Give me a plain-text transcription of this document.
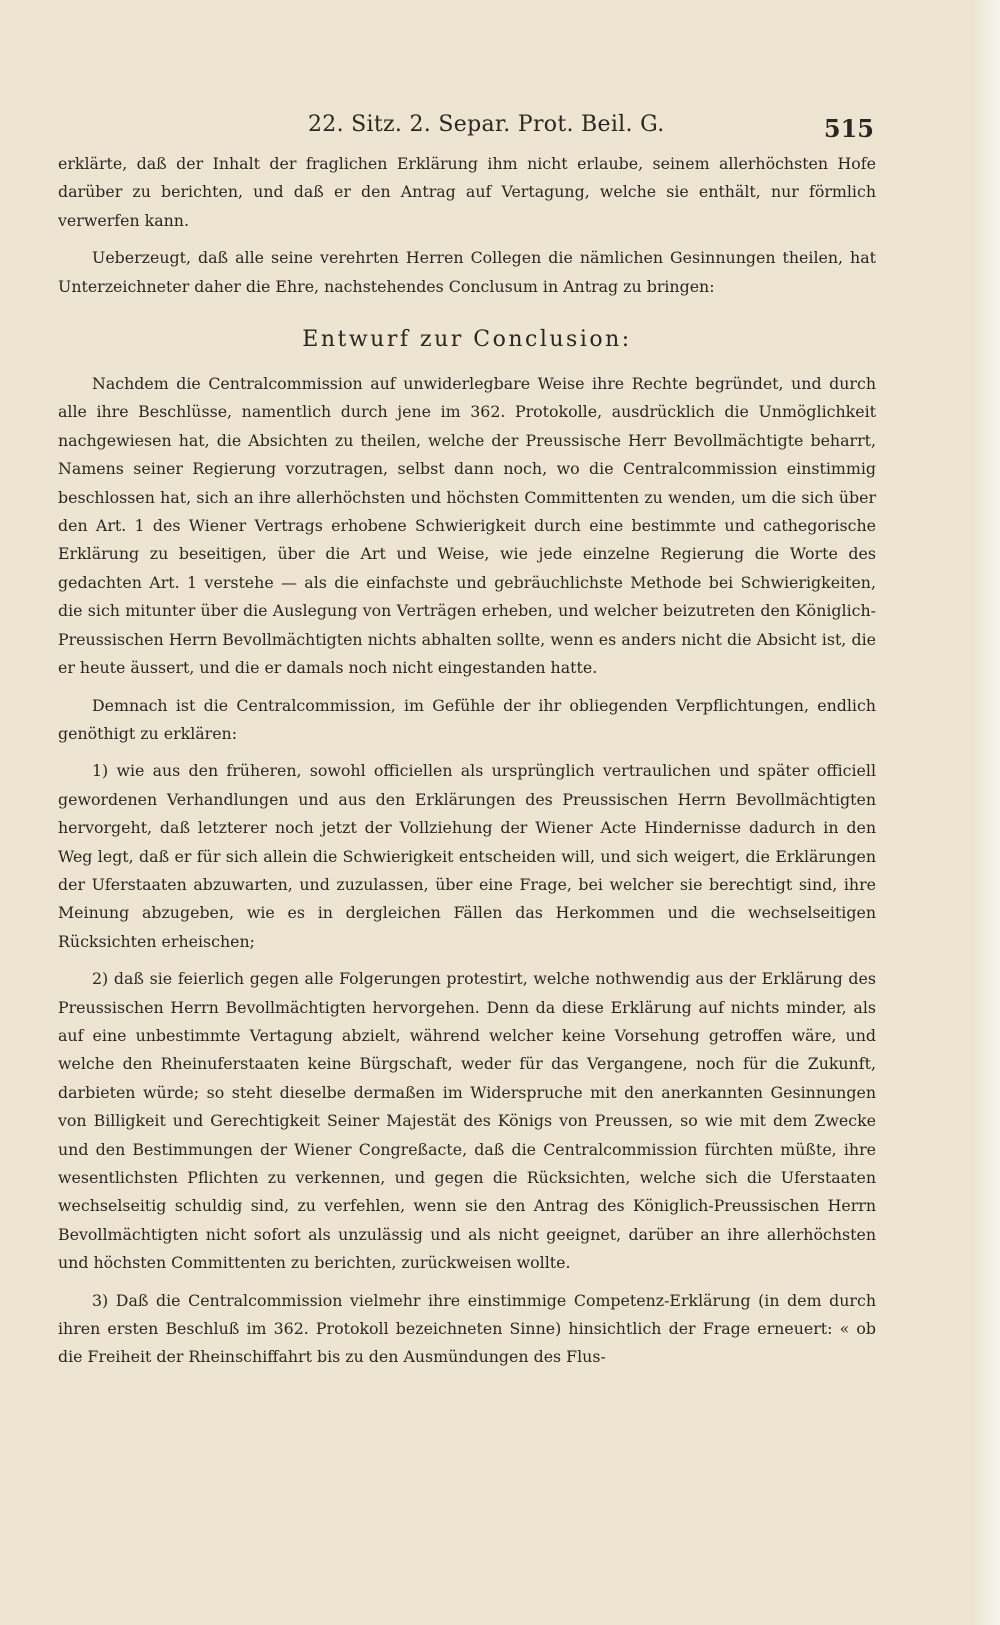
22. Sitz. 2. Separ. Prot. Beil. G.	515

erklärte, daß der Inhalt der fraglichen Erklärung ihm nicht erlaube, seinem allerhöchsten Hofe darüber zu berichten, und daß er den Antrag auf Vertagung, welche sie enthält, nur förmlich verwerfen kann.

Ueberzeugt, daß alle seine verehrten Herren Collegen die nämlichen Gesinnungen theilen, hat Unterzeichneter daher die Ehre, nachstehendes Conclusum in Antrag zu bringen:

Entwurf zur Conclusion:

Nachdem die Centralcommission auf unwiderlegbare Weise ihre Rechte begründet, und durch alle ihre Beschlüsse, namentlich durch jene im 362. Protokolle, ausdrücklich die Unmöglichkeit nachgewiesen hat, die Absichten zu theilen, welche der Preussische Herr Bevollmächtigte beharrt, Namens seiner Regierung vorzutragen, selbst dann noch, wo die Centralcommission einstimmig beschlossen hat, sich an ihre allerhöchsten und höchsten Committenten zu wenden, um die sich über den Art. 1 des Wiener Vertrags erhobene Schwierigkeit durch eine bestimmte und cathegorische Erklärung zu beseitigen, über die Art und Weise, wie jede einzelne Regierung die Worte des gedachten Art. 1 verstehe — als die einfachste und gebräuchlichste Methode bei Schwierigkeiten, die sich mitunter über die Auslegung von Verträgen erheben, und welcher beizutreten den Königlich-Preussischen Herrn Bevollmächtigten nichts abhalten sollte, wenn es anders nicht die Absicht ist, die er heute äussert, und die er damals noch nicht eingestanden hatte.

Demnach ist die Centralcommission, im Gefühle der ihr obliegenden Verpflichtungen, endlich genöthigt zu erklären:

1) wie aus den früheren, sowohl officiellen als ursprünglich vertraulichen und später officiell gewordenen Verhandlungen und aus den Erklärungen des Preussischen Herrn Bevollmächtigten hervorgeht, daß letzterer noch jetzt der Vollziehung der Wiener Acte Hindernisse dadurch in den Weg legt, daß er für sich allein die Schwierigkeit entscheiden will, und sich weigert, die Erklärungen der Uferstaaten abzuwarten, und zuzulassen, über eine Frage, bei welcher sie berechtigt sind, ihre Meinung abzugeben, wie es in dergleichen Fällen das Herkommen und die wechselseitigen Rücksichten erheischen;

2) daß sie feierlich gegen alle Folgerungen protestirt, welche nothwendig aus der Erklärung des Preussischen Herrn Bevollmächtigten hervorgehen. Denn da diese Erklärung auf nichts minder, als auf eine unbestimmte Vertagung abzielt, während welcher keine Vorsehung getroffen wäre, und welche den Rheinuferstaaten keine Bürgschaft, weder für das Vergangene, noch für die Zukunft, darbieten würde; so steht dieselbe dermaßen im Widerspruche mit den anerkannten Gesinnungen von Billigkeit und Gerechtigkeit Seiner Majestät des Königs von Preussen, so wie mit dem Zwecke und den Bestimmungen der Wiener Congreßacte, daß die Centralcommission fürchten müßte, ihre wesentlichsten Pflichten zu verkennen, und gegen die Rücksichten, welche sich die Uferstaaten wechselseitig schuldig sind, zu verfehlen, wenn sie den Antrag des Königlich-Preussischen Herrn Bevollmächtigten nicht sofort als unzulässig und als nicht geeignet, darüber an ihre allerhöchsten und höchsten Committenten zu berichten, zurückweisen wollte.

3) Daß die Centralcommission vielmehr ihre einstimmige Competenz-Erklärung (in dem durch ihren ersten Beschluß im 362. Protokoll bezeichneten Sinne) hinsichtlich der Frage erneuert: « ob die Freiheit der Rheinschiffahrt bis zu den Ausmündungen des Flus-
